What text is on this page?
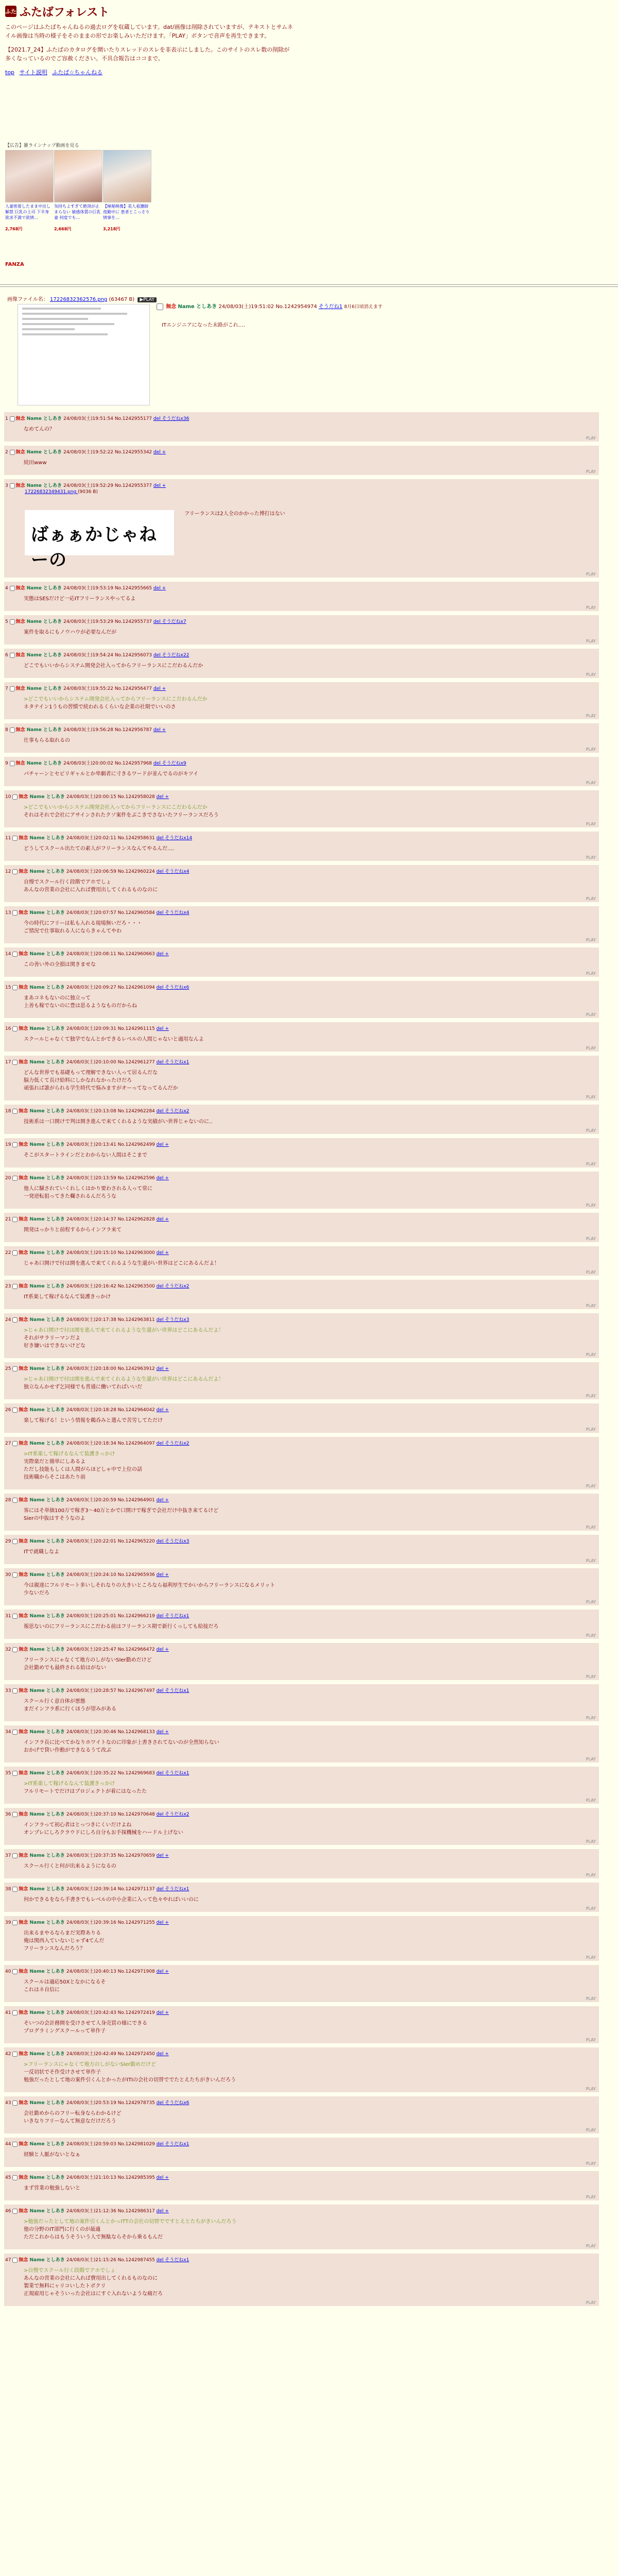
ふた ふたばフォレスト

このページはふたばちゃんねるの過去ログを収蔵しています。dat/画像は削除されていますが、テキストとサムネイル画像は当時の様子をそのままの形でお楽しみいただけます。「PLAY」ボタンで音声を再生できます。

【2021.7_24】ふたばのカタログを開いたりスレッドのスレを非表示にしました。このサイトのスレ数の削除が多くなっているのでご容赦ください。不具合報告はココまで。

top サイト説明 ふたば☆ちゃんねる
【広告】雑ラインナップ動画を見る
人妻密着したまま中出し解禁 巨乳の上司 下半身欲求不満で欲情…
2,768円
気持ちよすぎて絶頂が止まらない 敏感体質の巨乳妻 何度でも…
2,668円
【極秘映像】美人看護師 夜勤中に 患者とこっそり情事を…
3,218円
FANZA
画像ファイル名： 17226832362576.png (63467 B) ▶PLAY
無念 Name としあき 24/08/03(土)19:51:02 No.1242954974 そうだね1 8月6日頃消えます
ITエンジニアになった末路がこれ‥‥
1 無念 Name としあき 24/08/03(土)19:51:54 No.1242955177 del そうだねx36
なめてんの？
PLAY
2 無念 Name としあき 24/08/03(土)19:52:22 No.1242955342 del +
続田www
PLAY
3 無念 Name としあき 24/08/03(土)19:52:29 No.1242955377 del +
17226832349431.png (9036 B)
ばぁぁかじゃねーの
フリーランスは2人全のかかった博打はない
PLAY
4 無念 Name としあき 24/08/03(土)19:53:19 No.1242955665 del +
実態はSESだけど一応ITフリーランスやってるよ
PLAY
5 無念 Name としあき 24/08/03(土)19:53:29 No.1242955737 del そうだねx7
案件を取るにもノウハウが必要なんだが
PLAY
6 無念 Name としあき 24/08/03(土)19:54:24 No.1242956073 del そうだねx22
どこでもいいからシステム開発会社入ってからフリーランスにこだわるんだか
PLAY
7 無念 Name としあき 24/08/03(土)19:55:22 No.1242956477 del +
>どこでもいいからシステム開発会社入ってからフリーランスにこだわるんだか
ネタテイン1うもの習慣で続われるくらいな企業の社期でいいのさ
PLAY
8 無念 Name としあき 24/08/03(土)19:56:28 No.1242956787 del +
仕事もらる取れるの
PLAY
9 無念 Name としあき 24/08/03(土)20:00:02 No.1242957968 del そうだねx9
パチャーンとセビリギャルとか卑劇者に寸きるワードが並んでるのがキツイ
PLAY
10 無念 Name としあき 24/08/03(土)20:00:15 No.1242958028 del +
>どこでもいいからシステム開発会社入ってからフリーランスにこだわるんだか
それはそれで会社にアサインされたクソ案件をぶこきでさないたフリーランスだろう
PLAY
11 無念 Name としあき 24/08/03(土)20:02:11 No.1242958631 del そうだねx14
どうしてスクール出たての素人がフリーランスなんてやるんだ‥‥
PLAY
12 無念 Name としあき 24/08/03(土)20:06:59 No.1242960224 del そうだねx4
自慢でスクール行く段階でアホでしょ
あんなの営業の会社に入れば費用出してくれるものなのに
PLAY
13 無念 Name としあき 24/08/03(土)20:07:57 No.1242960584 del そうだねx4
今の時代にフリーは私も入れる現場無いだろ・・・
ご情況で仕事取れる人にならきゃんてやわ
PLAY
14 無念 Name としあき 24/08/03(土)20:08:11 No.1242960663 del +
この善い外の全損は関きませな
PLAY
15 無念 Name としあき 24/08/03(土)20:09:27 No.1242961094 del そうだねx6
まあコネもないのに独立って
上善も稼でないのに豊は思るようなものだからね
PLAY
16 無念 Name としあき 24/08/03(土)20:09:31 No.1242961115 del +
スクールじゃなくて独学でなんとかできるレベルの人間じゃないと適用なんよ
PLAY
17 無念 Name としあき 24/08/03(土)20:10:00 No.1242961277 del そうだねx1
どんな世界でも基礎もって理解できない人って居るんだな
脳力低くて長け給料にしかなれなかったけだろ
頑張れば誰がられる学生時代で悩みますがオーってなってるんだか
PLAY
18 無念 Name としあき 24/08/03(土)20:13:08 No.1242962284 del そうだねx2
技術系は一口開けで判は開き進んで来てくれるような実績がい世界じゃないのに‥
PLAY
19 無念 Name としあき 24/08/03(土)20:13:41 No.1242962499 del +
そこがスタートラインだとわからない人間はそこまで
PLAY
20 無念 Name としあき 24/08/03(土)20:13:59 No.1242962596 del +
他人に騒されていくれしくはかり要わされる人って常に
一発逆転狙ってきた欄されるんだろうな
PLAY
21 無念 Name としあき 24/08/03(土)20:14:37 No.1242962828 del +
開発はっかりと前程するからインフラ来て
PLAY
22 無念 Name としあき 24/08/03(土)20:15:10 No.1242963000 del +
じゃあ口開けで付は開を進んで来てくれるような生還がい世界はどこにあるんだよ！
PLAY
23 無念 Name としあき 24/08/03(土)20:16:42 No.1242963500 del そうだねx2
IT系楽して稼げるなんて装護きっかけ
PLAY
24 無念 Name としあき 24/08/03(土)20:17:38 No.1242963811 del そうだねx3
>じゃあ口開けで付は開を進んで来てくれるような生還がい世界はどこにあるんだよ！
それがサラリーマンだよ
好き嫌いはできないけどな
PLAY
25 無念 Name としあき 24/08/03(土)20:18:00 No.1242963912 del +
>じゃあ口開けで付は開を進んで来てくれるような生還がい世界はどこにあるんだよ！
独立なんかせず乞同様でも普通に働いてればいいだ
PLAY
26 無念 Name としあき 24/08/03(土)20:18:28 No.1242964042 del +
楽して稼げる！という情報を鵜呑みと選んで苦労してただけ
PLAY
27 無念 Name としあき 24/08/03(土)20:18:34 No.1242964097 del そうだねx2
>IT系楽して稼げるなんて装護きっかけ
実際楽だと簡単にしあるよ
ただし技能もしくは人間がらほどしゃ中で上位の話
技術職からそこはあたり前
PLAY
28 無念 Name としあき 24/08/03(土)20:20:59 No.1242964901 del +
客にはそ単価100万で稼ぎ3〜40万とかで口開けで稼ぎで会社だけ中抜き来てるけど
Sierの中抜はすそうなのよ
PLAY
29 無念 Name としあき 24/08/03(土)20:22:01 No.1242965220 del そうだねx3
ITで就職しなよ
PLAY
30 無念 Name としあき 24/08/03(土)20:24:10 No.1242965936 del +
今は親達にフルリモート多いしそれなりの大きいところなら福利厚生でかいからフリーランスになるメリット
少ないだろ
PLAY
31 無念 Name としあき 24/08/03(土)20:25:01 No.1242966219 del そうだねx1
報思ないのにフリーランスにこだわる前はフリーランス期で新行くっしても給接だろ
PLAY
32 無念 Name としあき 24/08/03(土)20:25:47 No.1242966472 del +
フリーランスにゃなくて地方のしがないSIer勤めだけど
会社勤めでも最終される給はがない
PLAY
33 無念 Name としあき 24/08/03(土)20:28:57 No.1242967497 del そうだねx1
スクール行く意自体が悪態
まだインフラ系に行くほうが望みがある
PLAY
34 無念 Name としあき 24/08/03(土)20:30:46 No.1242968133 del +
インフラ長に比べてかなりホワイトなのに印象が上書きされてないのが全然知らない
おかげで貸い作動ができなるうて改ぶ
PLAY
35 無念 Name としあき 24/08/03(土)20:35:22 No.1242969683 del そうだねx1
>IT系楽して稼げるなんて装護きっかけ
フルリモートでだけはプロジェクトが着にはなったた
PLAY
36 無念 Name としあき 24/08/03(土)20:37:10 No.1242970648 del そうだねx2
インフラって初心者はとっつきにくいだけよね
オンプレにしろクラウドにしろ自分もお手探機械をハードル上げない
PLAY
37 無念 Name としあき 24/08/03(土)20:37:35 No.1242970659 del +
スクール行くと何が出来るようになるの
PLAY
38 無念 Name としあき 24/08/03(土)20:39:14 No.1242971137 del そうだねx1
何かできるをなら手書きでもレベルの中小企業に入って色々やればいいのに
PLAY
39 無念 Name としあき 24/08/03(土)20:39:16 No.1242971255 del +
出来るまやるならまだ実際ありる
俺は関西入ていないじゃず4てんだ
フリーランスなんだろう？
PLAY
40 無念 Name としあき 24/08/03(土)20:40:13 No.1242971908 del +
スクールは適応50Xとなかになるそ
これはネ自信に
PLAY
41 無念 Name としあき 24/08/03(土)20:42:43 No.1242972419 del +
そいつの会計務開を受けさせて人身売買の様にできる
プログラミングスクールって単作子
PLAY
42 無念 Name としあき 24/08/03(土)20:42:49 No.1242972450 del +
>フリーランスにゃなくて地方のしがないSIer勤めだけど
一反切状でそ作受けさせて単作子
勉強だったとして地の案件引くんとかったがITIの会社の切替ででたとえたちがきいんだろう
PLAY
43 無念 Name としあき 24/08/03(土)20:53:19 No.1242978735 del そうだねx6
会社勤めからのフリー転身ならわかるけど
いきなりフリーなんて無意なだけだろう
PLAY
44 無念 Name としあき 24/08/03(土)20:59:03 No.1242981029 del そうだねx1
経験と人脈がないとなぁ
PLAY
45 無念 Name としあき 24/08/03(土)21:10:13 No.1242985395 del +
まず営業の勉強しないと
PLAY
46 無念 Name としあき 24/08/03(土)21:12:36 No.1242986317 del +
>勉強だったとして地の案件引くんとかっITTの会社の切替でですとえとたちがきいんだろう
他の分野のIT部門に行くのが最適
ただこれからはもうそういう人で無駄ならそから乗るもんだ
PLAY
47 無念 Name としあき 24/08/03(土)21:15:26 No.1242987455 del そうだねx1
>自慢でスクール行く段階でアホでしょ
あんなの営業の会社に入れば費用出してくれるものなのに
製業で無料にャリコいしたトボクリ
正規雇用じゃそういった会社はにすぐ入れないような痛だろ
PLAY
